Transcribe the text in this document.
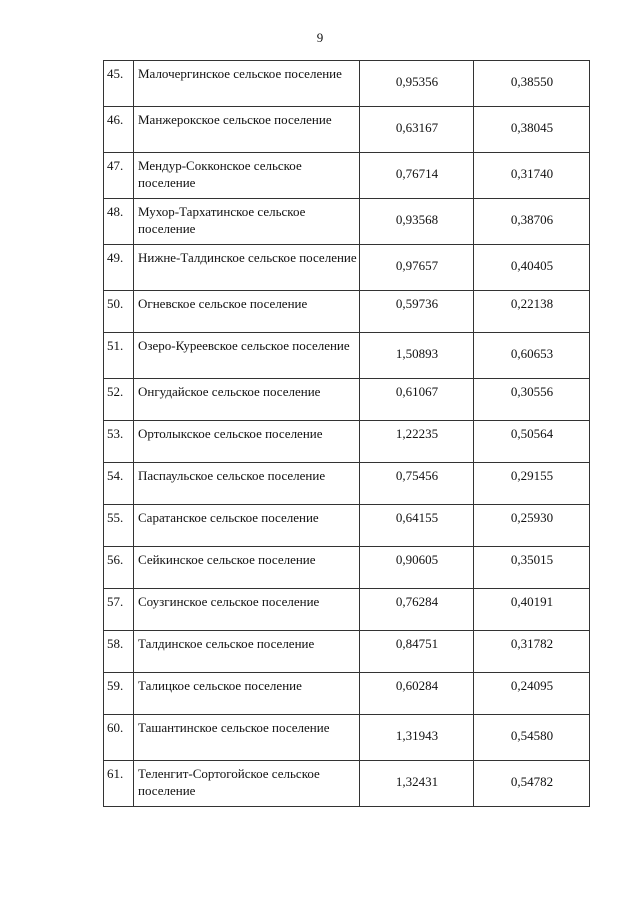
9
45.	Малочергинское сельское поселение	0,95356	0,38550
46.	Манжерокское сельское поселение	0,63167	0,38045
47.	Мендур-Сокконское сельское поселение	0,76714	0,31740
48.	Мухор-Тархатинское сельское поселение	0,93568	0,38706
49.	Нижне-Талдинское сельское поселение	0,97657	0,40405
50.	Огневское сельское поселение	0,59736	0,22138
51.	Озеро-Куреевское сельское поселение	1,50893	0,60653
52.	Онгудайское сельское поселение	0,61067	0,30556
53.	Ортолыкское сельское поселение	1,22235	0,50564
54.	Паспаульское сельское поселение	0,75456	0,29155
55.	Саратанское сельское поселение	0,64155	0,25930
56.	Сейкинское сельское поселение	0,90605	0,35015
57.	Соузгинское сельское поселение	0,76284	0,40191
58.	Талдинское сельское поселение	0,84751	0,31782
59.	Талицкое сельское поселение	0,60284	0,24095
60.	Ташантинское сельское поселение	1,31943	0,54580
61.	Теленгит-Сортогойское сельское поселение	1,32431	0,54782
